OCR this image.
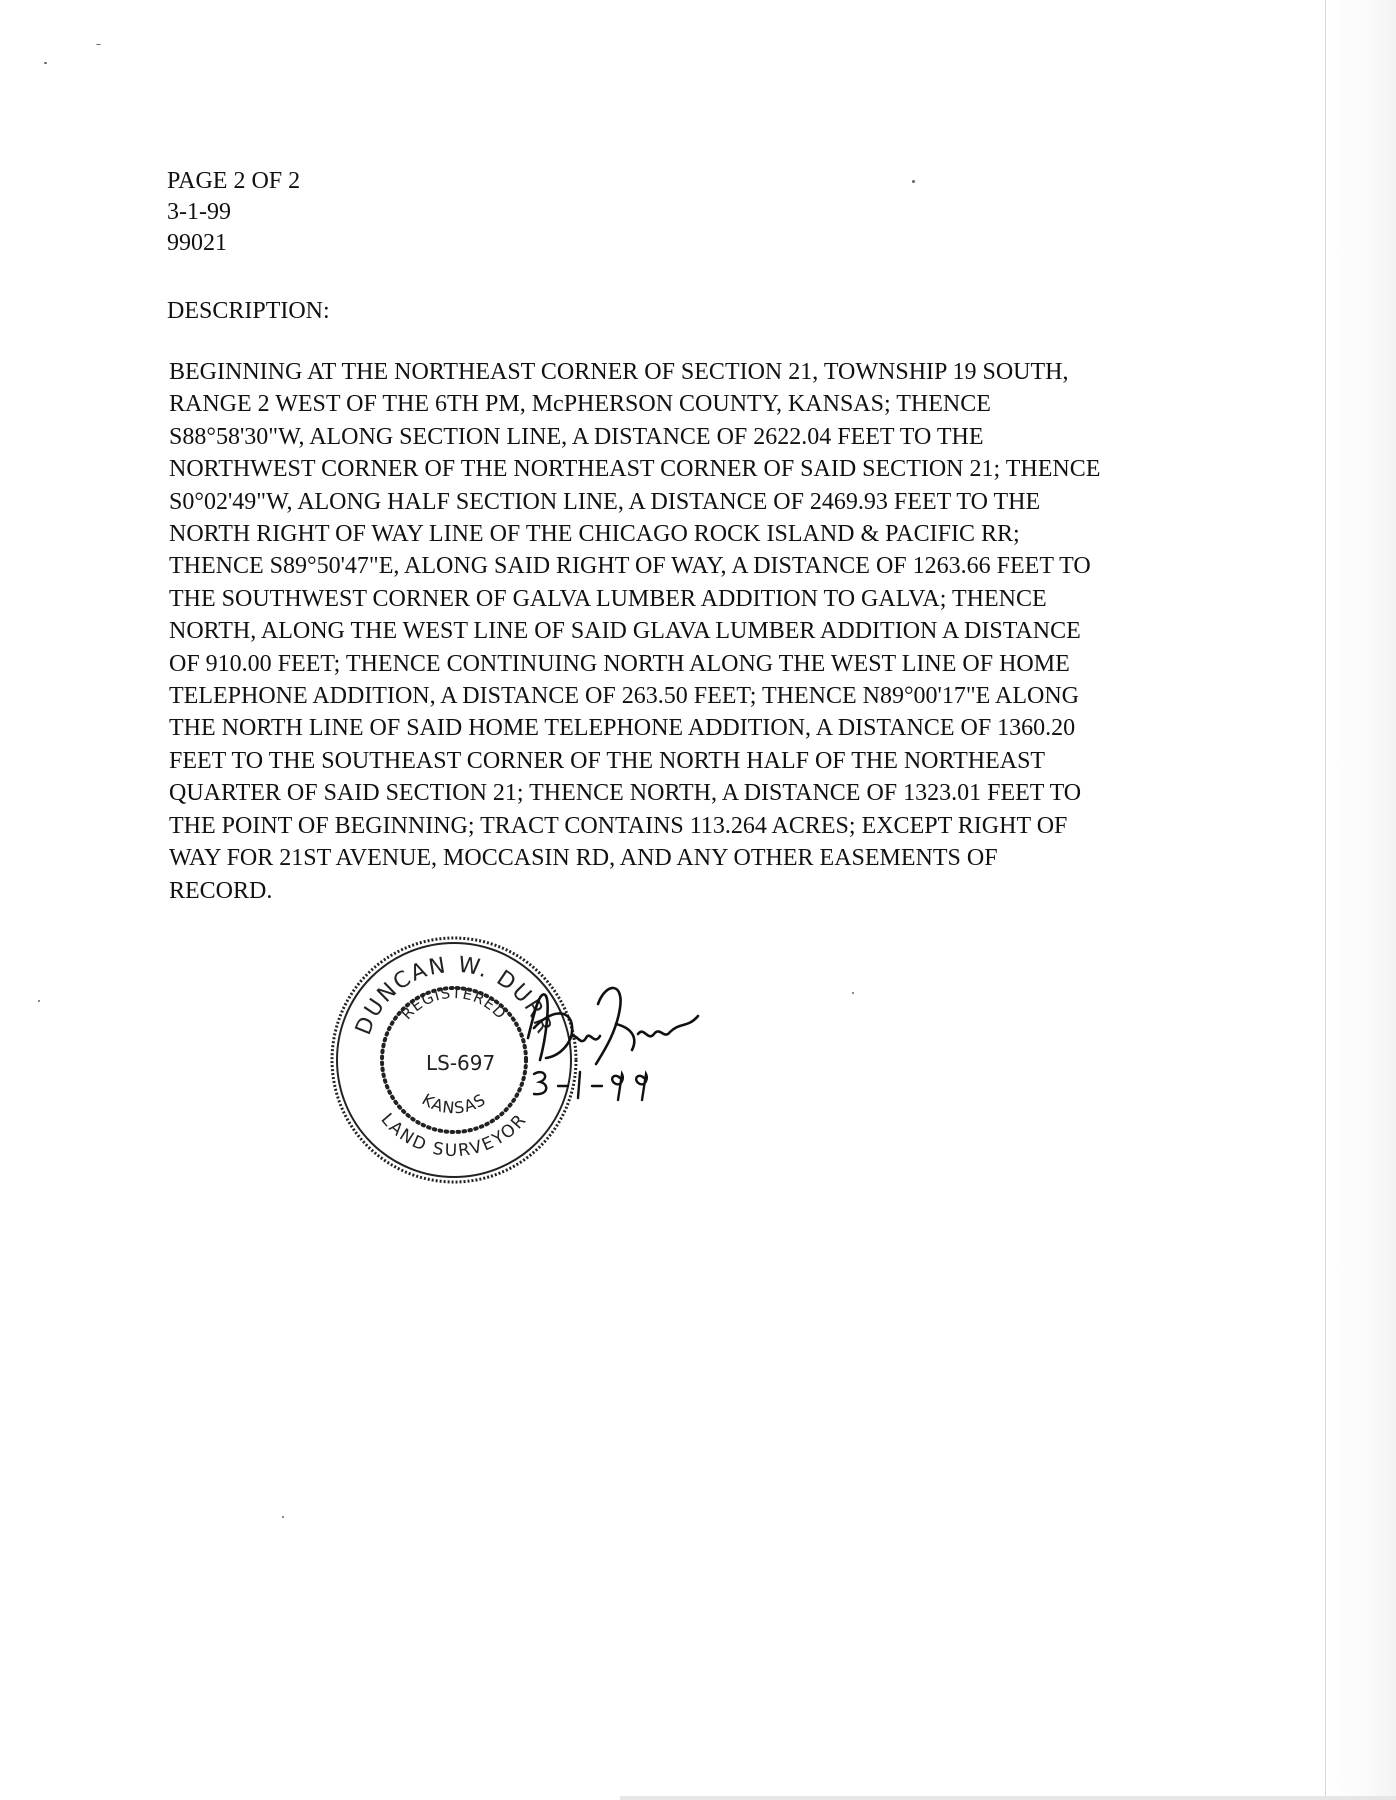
PAGE 2 OF 2
3-1-99
99021
DESCRIPTION:
BEGINNING AT THE NORTHEAST CORNER OF SECTION 21, TOWNSHIP 19 SOUTH,
RANGE 2 WEST OF THE 6TH PM, McPHERSON COUNTY, KANSAS; THENCE
S88°58'30"W, ALONG SECTION LINE, A DISTANCE OF 2622.04 FEET TO THE
NORTHWEST CORNER OF THE NORTHEAST CORNER OF SAID SECTION 21; THENCE
S0°02'49"W, ALONG HALF SECTION LINE, A DISTANCE OF 2469.93 FEET TO THE
NORTH RIGHT OF WAY LINE OF THE CHICAGO ROCK ISLAND & PACIFIC RR;
THENCE S89°50'47"E, ALONG SAID RIGHT OF WAY, A DISTANCE OF 1263.66 FEET TO
THE SOUTHWEST CORNER OF GALVA LUMBER ADDITION TO GALVA; THENCE
NORTH, ALONG THE WEST LINE OF SAID GLAVA LUMBER ADDITION A DISTANCE
OF 910.00 FEET; THENCE CONTINUING NORTH ALONG THE WEST LINE OF HOME
TELEPHONE ADDITION, A DISTANCE OF 263.50 FEET; THENCE N89°00'17"E ALONG
THE NORTH LINE OF SAID HOME TELEPHONE ADDITION, A DISTANCE OF 1360.20
FEET TO THE SOUTHEAST CORNER OF THE NORTH HALF OF THE NORTHEAST
QUARTER OF SAID SECTION 21; THENCE NORTH, A DISTANCE OF 1323.01 FEET TO
THE POINT OF BEGINNING; TRACT CONTAINS 113.264 ACRES; EXCEPT RIGHT OF
WAY FOR 21ST AVENUE, MOCCASIN RD, AND ANY OTHER EASEMENTS OF
RECORD.
DUNCAN W. DURR
REGISTERED
LS-697
KANSAS
LAND SURVEYOR
